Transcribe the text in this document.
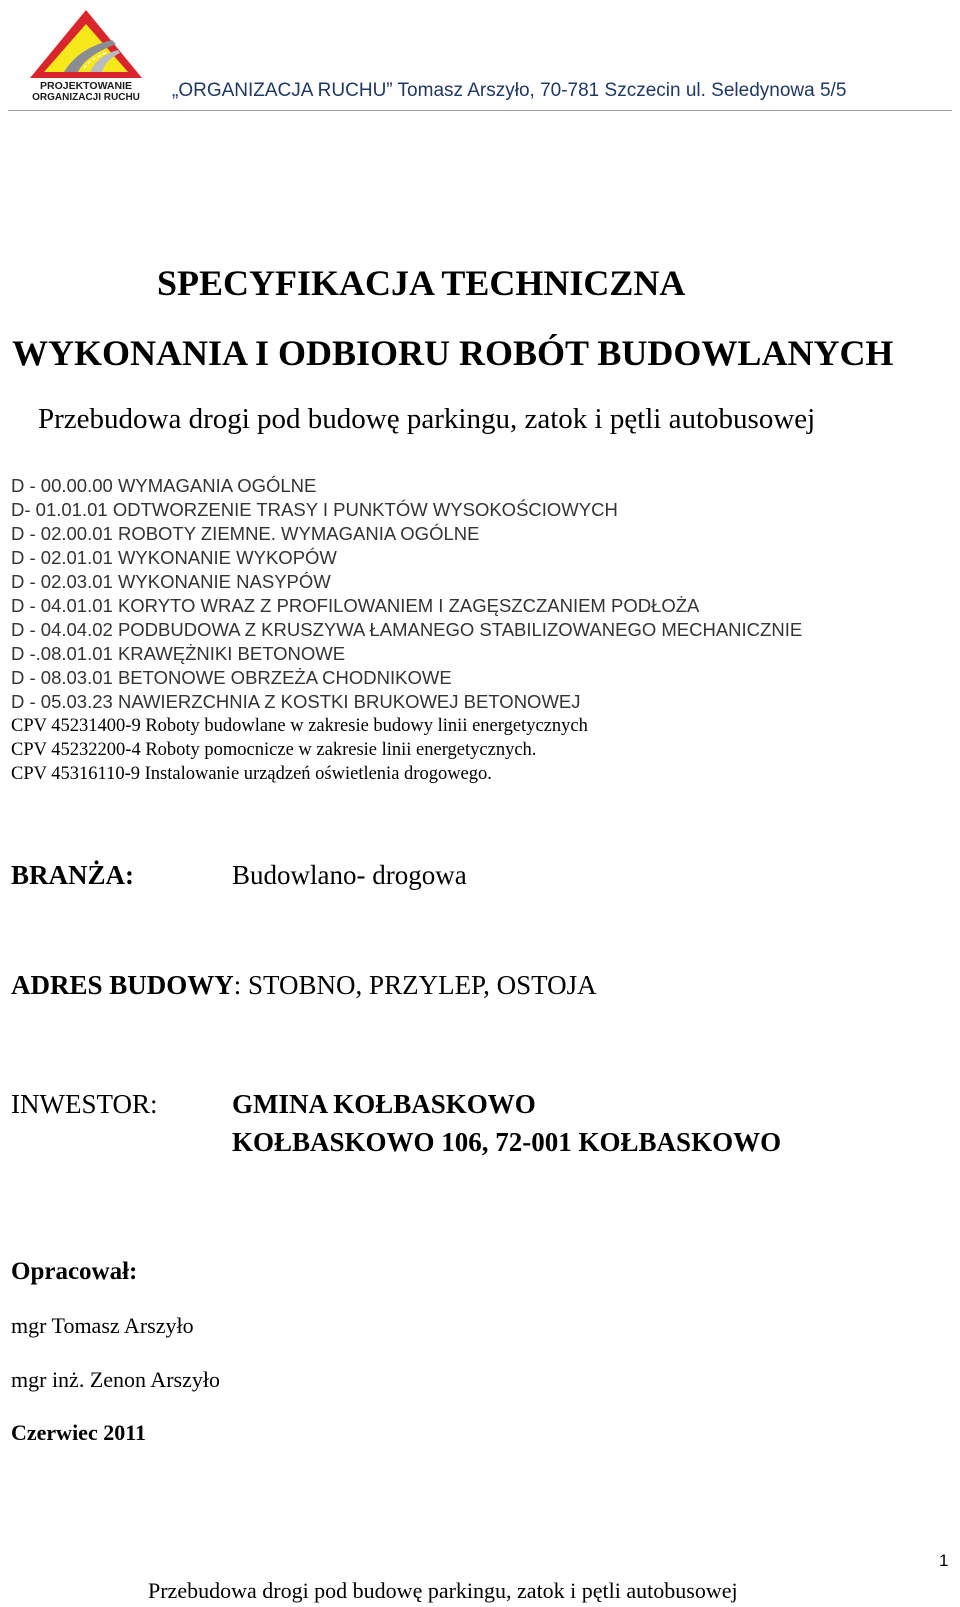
PROJEKTOWANIE
ORGANIZACJI RUCHU „ORGANIZACJA RUCHU” Tomasz Arszyło, 70-781 Szczecin ul. Seledynowa 5/5
SPECYFIKACJA TECHNICZNA
WYKONANIA I ODBIORU ROBÓT BUDOWLANYCH
Przebudowa drogi pod budowę parkingu, zatok i pętli autobusowej
D - 00.00.00 WYMAGANIA OGÓLNE
D- 01.01.01 ODTWORZENIE TRASY I PUNKTÓW WYSOKOŚCIOWYCH
D - 02.00.01 ROBOTY ZIEMNE. WYMAGANIA OGÓLNE
D - 02.01.01 WYKONANIE WYKOPÓW
D - 02.03.01 WYKONANIE NASYPÓW
D - 04.01.01 KORYTO WRAZ Z PROFILOWANIEM I ZAGĘSZCZANIEM PODŁOŻA
D - 04.04.02 PODBUDOWA Z KRUSZYWA ŁAMANEGO STABILIZOWANEGO MECHANICZNIE
D -.08.01.01 KRAWĘŻNIKI BETONOWE
D - 08.03.01 BETONOWE OBRZEŻA CHODNIKOWE
D - 05.03.23 NAWIERZCHNIA Z KOSTKI BRUKOWEJ BETONOWEJ
CPV 45231400-9 Roboty budowlane w zakresie budowy linii energetycznych
CPV 45232200-4 Roboty pomocnicze w zakresie linii energetycznych.
CPV 45316110-9 Instalowanie urządzeń oświetlenia drogowego.
BRANŻA:	Budowlano- drogowa
ADRES BUDOWY: STOBNO, PRZYLEP, OSTOJA
INWESTOR:	GMINA KOŁBASKOWO
KOŁBASKOWO 106, 72-001 KOŁBASKOWO
Opracował:
mgr Tomasz Arszyło
mgr inż. Zenon Arszyło
Czerwiec 2011
1
Przebudowa drogi pod budowę parkingu, zatok i pętli autobusowej
